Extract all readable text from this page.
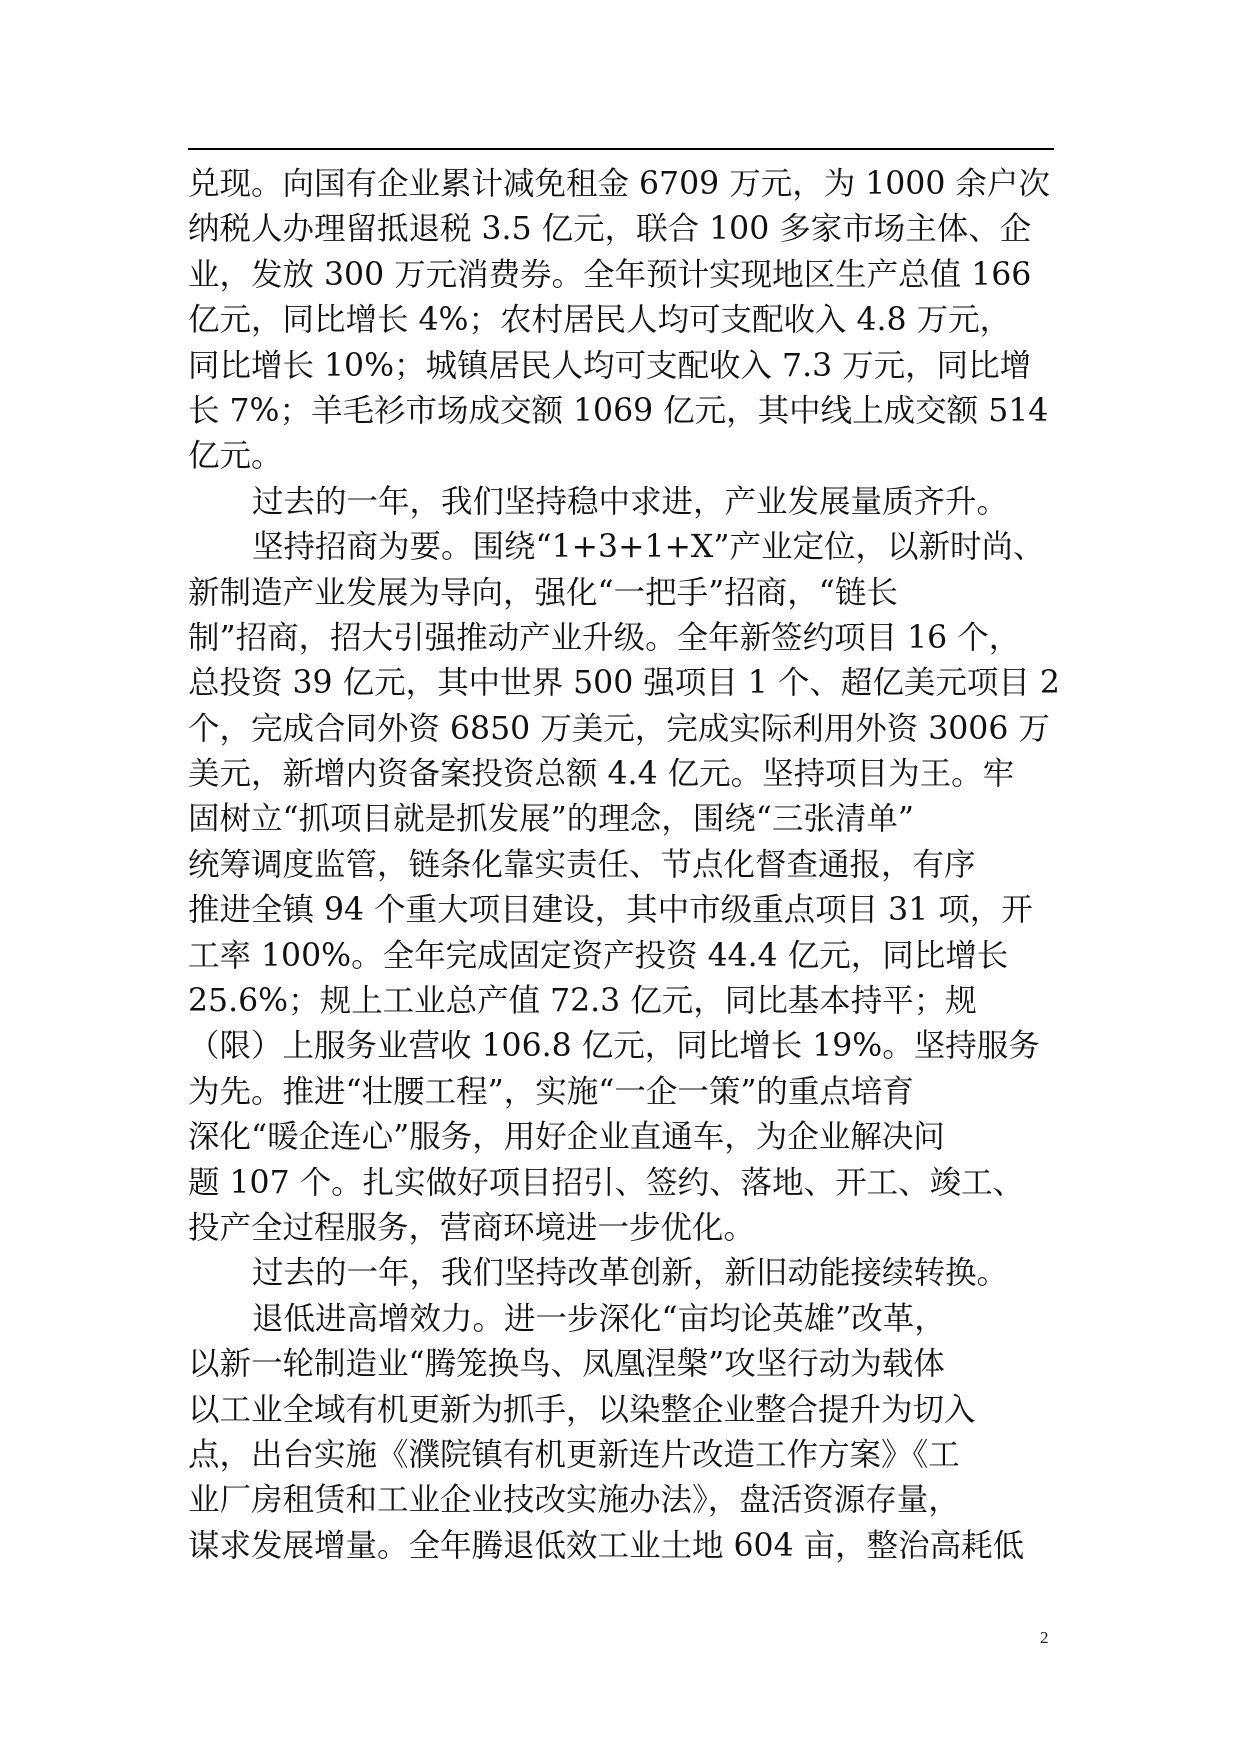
兑现。向国有企业累计减免租金 6709 万元，为 1000 余户次
纳税人办理留抵退税 3.5 亿元，联合 100 多家市场主体、企
业，发放 300 万元消费券。全年预计实现地区生产总值 166
亿元，同比增长 4%；农村居民人均可支配收入 4.8 万元，
同比增长 10%；城镇居民人均可支配收入 7.3 万元，同比增
长 7%；羊毛衫市场成交额 1069 亿元，其中线上成交额 514
亿元。
过去的一年，我们坚持稳中求进，产业发展量质齐升。
坚持招商为要。围绕“1+3+1+X”产业定位，以新时尚、
新制造产业发展为导向，强化“一把手”招商，“链长
制”招商，招大引强推动产业升级。全年新签约项目 16 个，
总投资 39 亿元，其中世界 500 强项目 1 个、超亿美元项目 2
个，完成合同外资 6850 万美元，完成实际利用外资 3006 万
美元，新增内资备案投资总额 4.4 亿元。坚持项目为王。牢
固树立“抓项目就是抓发展”的理念，围绕“三张清单”
统筹调度监管，链条化靠实责任、节点化督查通报，有序
推进全镇 94 个重大项目建设，其中市级重点项目 31 项，开
工率 100%。全年完成固定资产投资 44.4 亿元，同比增长
25.6%；规上工业总产值 72.3 亿元，同比基本持平；规
（限）上服务业营收 106.8 亿元，同比增长 19%。坚持服务
为先。推进“壮腰工程”，实施“一企一策”的重点培育
深化“暖企连心”服务，用好企业直通车，为企业解决问
题 107 个。扎实做好项目招引、签约、落地、开工、竣工、
投产全过程服务，营商环境进一步优化。
过去的一年，我们坚持改革创新，新旧动能接续转换。
退低进高增效力。进一步深化“亩均论英雄”改革，
以新一轮制造业“腾笼换鸟、凤凰涅槃”攻坚行动为载体
以工业全域有机更新为抓手，以染整企业整合提升为切入
点，出台实施《濮院镇有机更新连片改造工作方案》《工
业厂房租赁和工业企业技改实施办法》，盘活资源存量，
谋求发展增量。全年腾退低效工业土地 604 亩，整治高耗低
2
